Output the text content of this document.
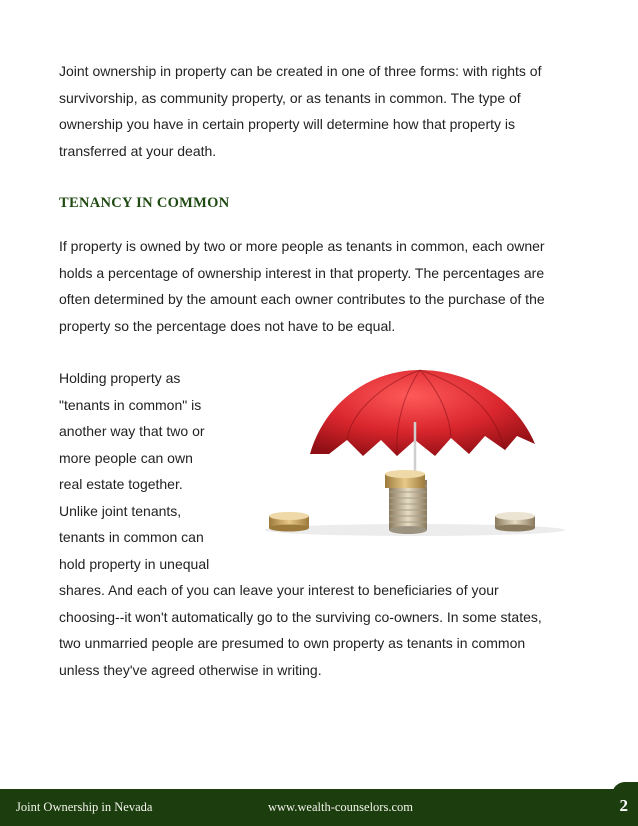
Joint ownership in property can be created in one of three forms: with rights of
survivorship, as community property, or as tenants in common. The type of
ownership you have in certain property will determine how that property is
transferred at your death.

TENANCY IN COMMON

If property is owned by two or more people as tenants in common, each owner
holds a percentage of ownership interest in that property. The percentages are
often determined by the amount each owner contributes to the purchase of the
property so the percentage does not have to be equal.

Holding property as
"tenants in common" is
another way that two or
more people can own
real estate together.
Unlike joint tenants,
tenants in common can
hold property in unequal
shares. And each of you can leave your interest to beneficiaries of your
choosing--it won't automatically go to the surviving co-owners. In some states,
two unmarried people are presumed to own property as tenants in common
unless they've agreed otherwise in writing.

Joint Ownership in Nevada	www.wealth-counselors.com	2
